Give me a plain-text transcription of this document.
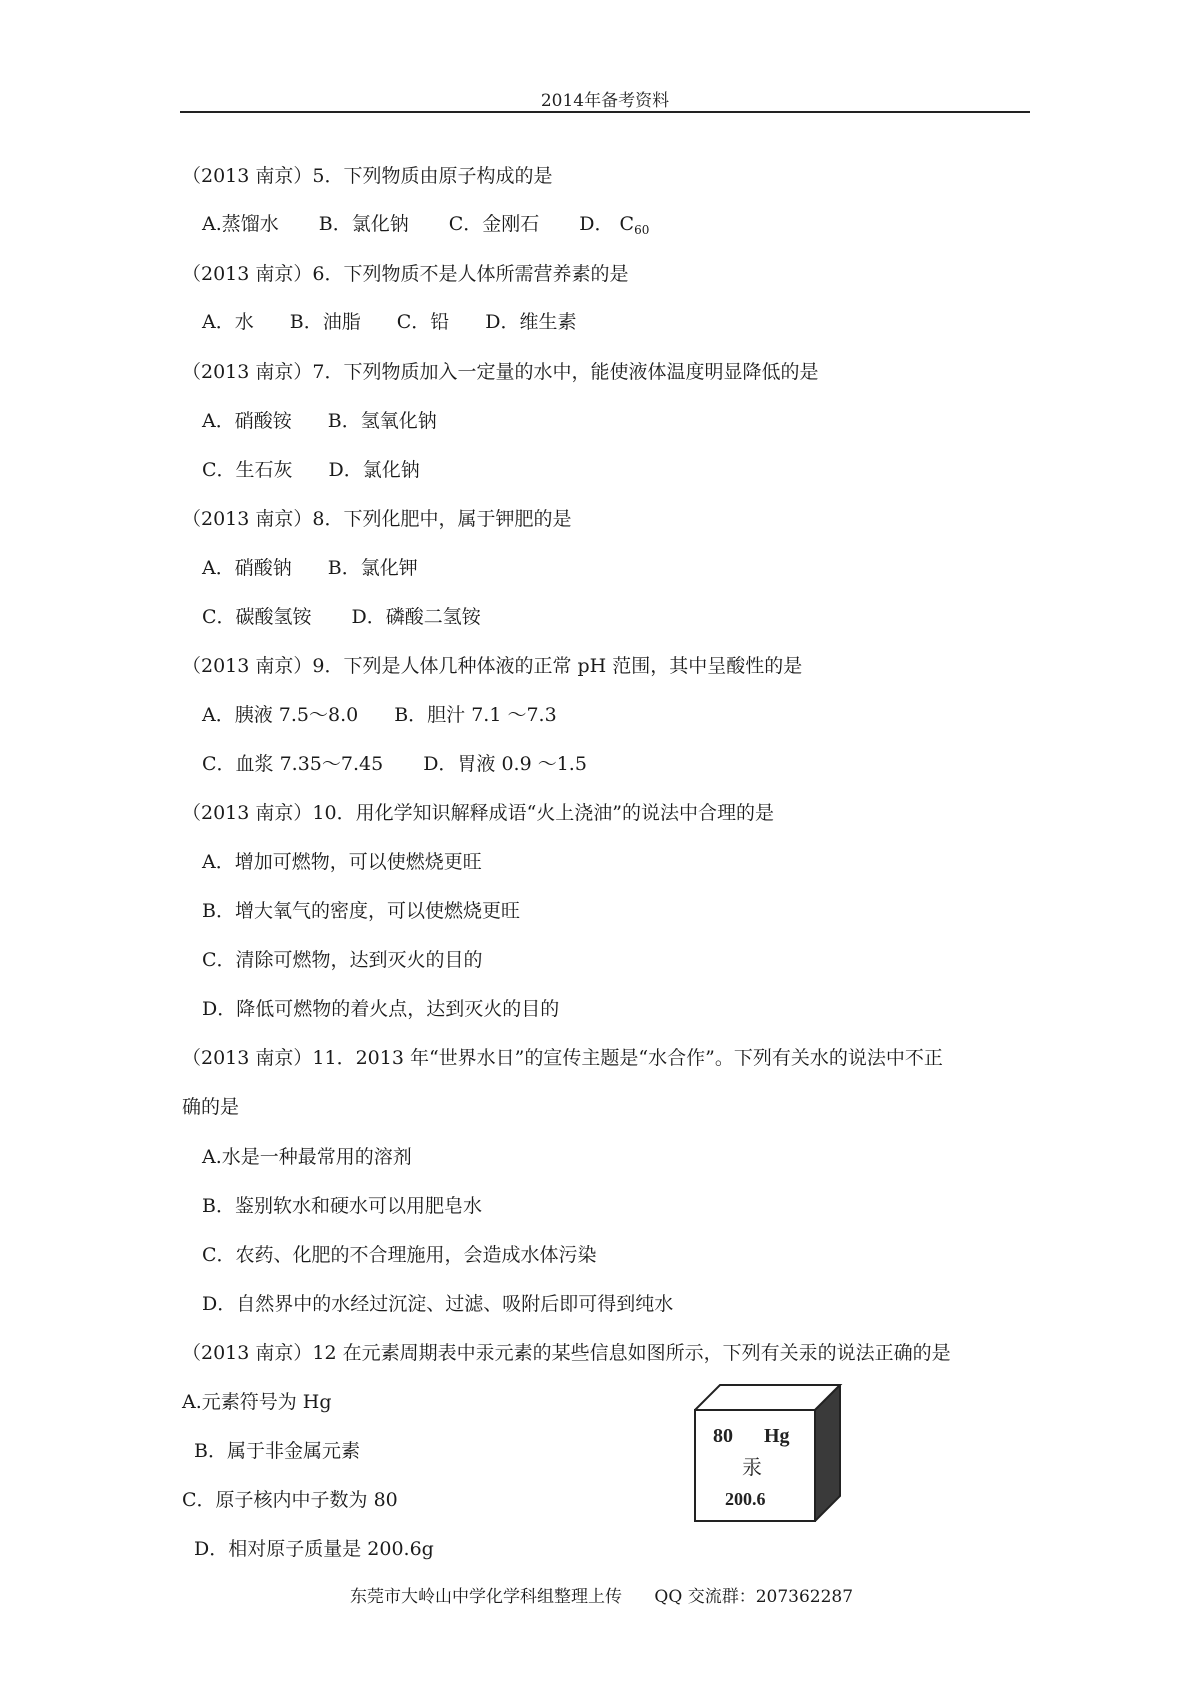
2014年备考资料
（2013 南京）5．下列物质由原子构成的是
A.蒸馏水 B．氯化钠 C．金刚石 D． $C_{60}$
（2013 南京）6．下列物质不是人体所需营养素的是
A．水 B．油脂 C．铅 D．维生素
（2013 南京）7．下列物质加入一定量的水中，能使液体温度明显降低的是
A．硝酸铵 B．氢氧化钠
C．生石灰 D．氯化钠
（2013 南京）8．下列化肥中，属于钾肥的是
A．硝酸钠 B．氯化钾
C．碳酸氢铵 D．磷酸二氢铵
（2013 南京）9．下列是人体几种体液的正常 pH 范围，其中呈酸性的是
A．胰液 7.5～8.0 B．胆汁 7.1 ～7.3
C．血浆 7.35～7.45 D．胃液 0.9 ～1.5
（2013 南京）10．用化学知识解释成语“火上浇油”的说法中合理的是
A．增加可燃物，可以使燃烧更旺
B．增大氧气的密度，可以使燃烧更旺
C．清除可燃物，达到灭火的目的
D．降低可燃物的着火点，达到灭火的目的
（2013 南京）11．2013 年“世界水日”的宣传主题是“水合作”。下列有关水的说法中不正
确的是
A.水是一种最常用的溶剂
B．鉴别软水和硬水可以用肥皂水
C．农药、化肥的不合理施用，会造成水体污染
D．自然界中的水经过沉淀、过滤、吸附后即可得到纯水
（2013 南京）12 在元素周期表中汞元素的某些信息如图所示，下列有关汞的说法正确的是
A.元素符号为 Hg
B．属于非金属元素
C．原子核内中子数为 80
D．相对原子质量是 200.6g
80 Hg
汞
200.6
东莞市大岭山中学化学科组整理上传      QQ 交流群：207362287
